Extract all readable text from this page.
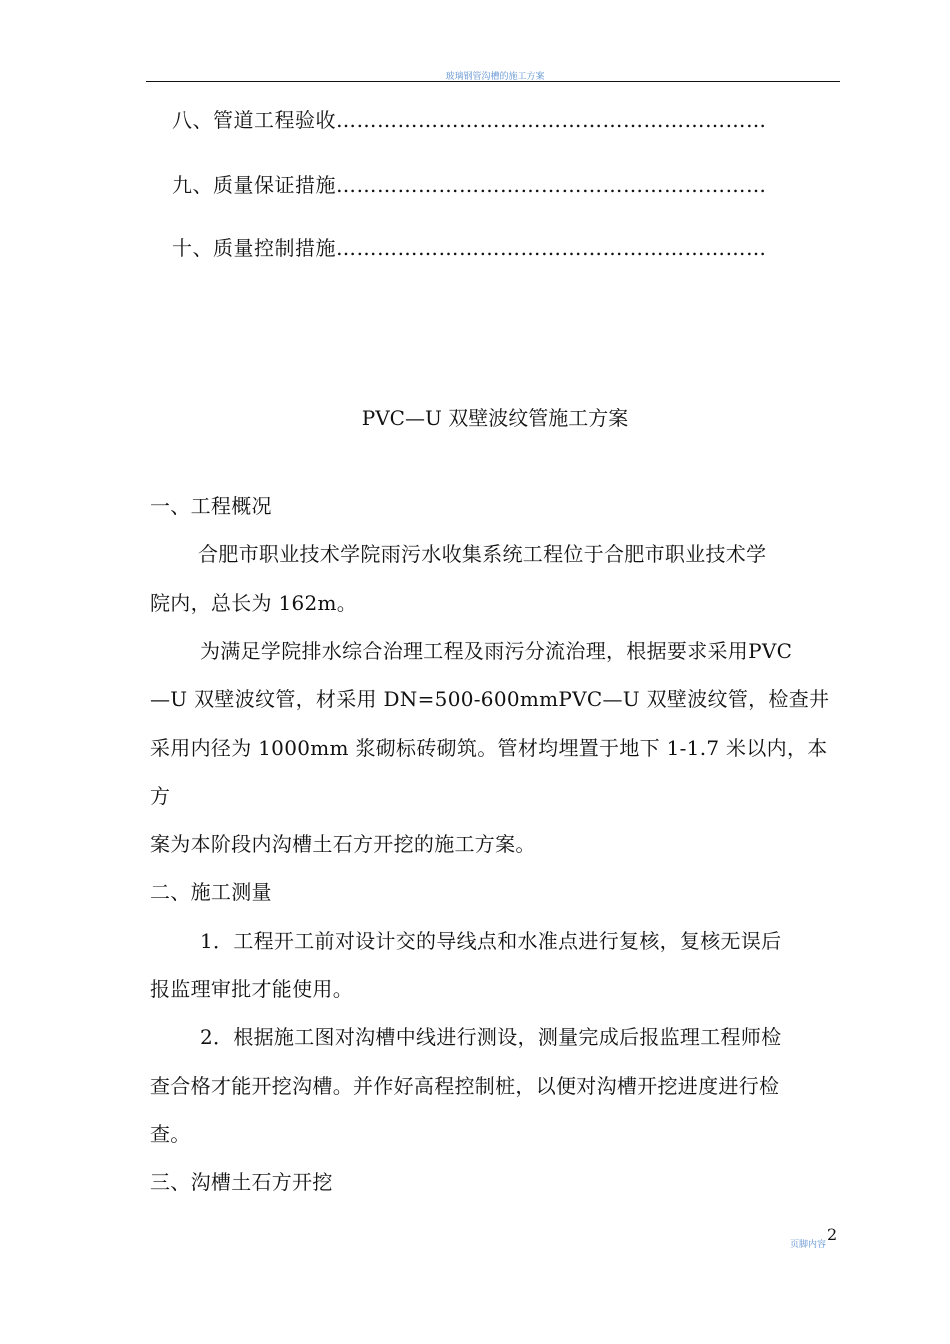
玻璃钢管沟槽的施工方案
八、管道工程验收………………………………………………………
九、质量保证措施………………………………………………………
十、质量控制措施………………………………………………………
PVC—U 双壁波纹管施工方案
一、工程概况
合肥市职业技术学院雨污水收集系统工程位于合肥市职业技术学
院内，总长为 162m。
为满足学院排水综合治理工程及雨污分流治理，根据要求采用PVC
—U 双壁波纹管，材采用 DN=500-600mmPVC—U 双壁波纹管，检查井
采用内径为 1000mm 浆砌标砖砌筑。管材均埋置于地下 1-1.7 米以内，本
方
案为本阶段内沟槽土石方开挖的施工方案。
二、施工测量
1．工程开工前对设计交的导线点和水准点进行复核，复核无误后
报监理审批才能使用。
2．根据施工图对沟槽中线进行测设，测量完成后报监理工程师检
查合格才能开挖沟槽。并作好高程控制桩，以便对沟槽开挖进度进行检
查。
三、沟槽土石方开挖
页脚内容
2
